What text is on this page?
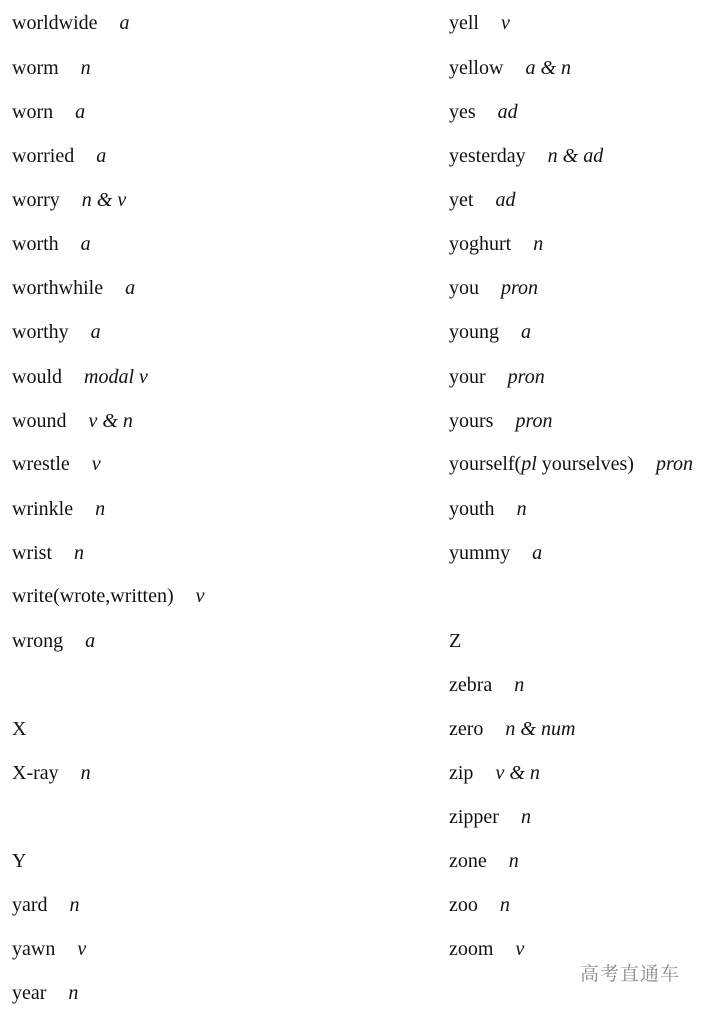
worldwide a
worm n
worn a
worried a
worry n & v
worth a
worthwhile a
worthy a
would modal v
wound v & n
wrestle v
wrinkle n
wrist n
write(wrote,written) v
wrong a
X
X-ray n
Y
yard n
yawn v
year n
yell v
yellow a & n
yes ad
yesterday n & ad
yet ad
yoghurt n
you pron
young a
your pron
yours pron
yourself(pl yourselves) pron
youth n
yummy a
Z
zebra n
zero n & num
zip v & n
zipper n
zone n
zoo n
zoom v
高考直通车
